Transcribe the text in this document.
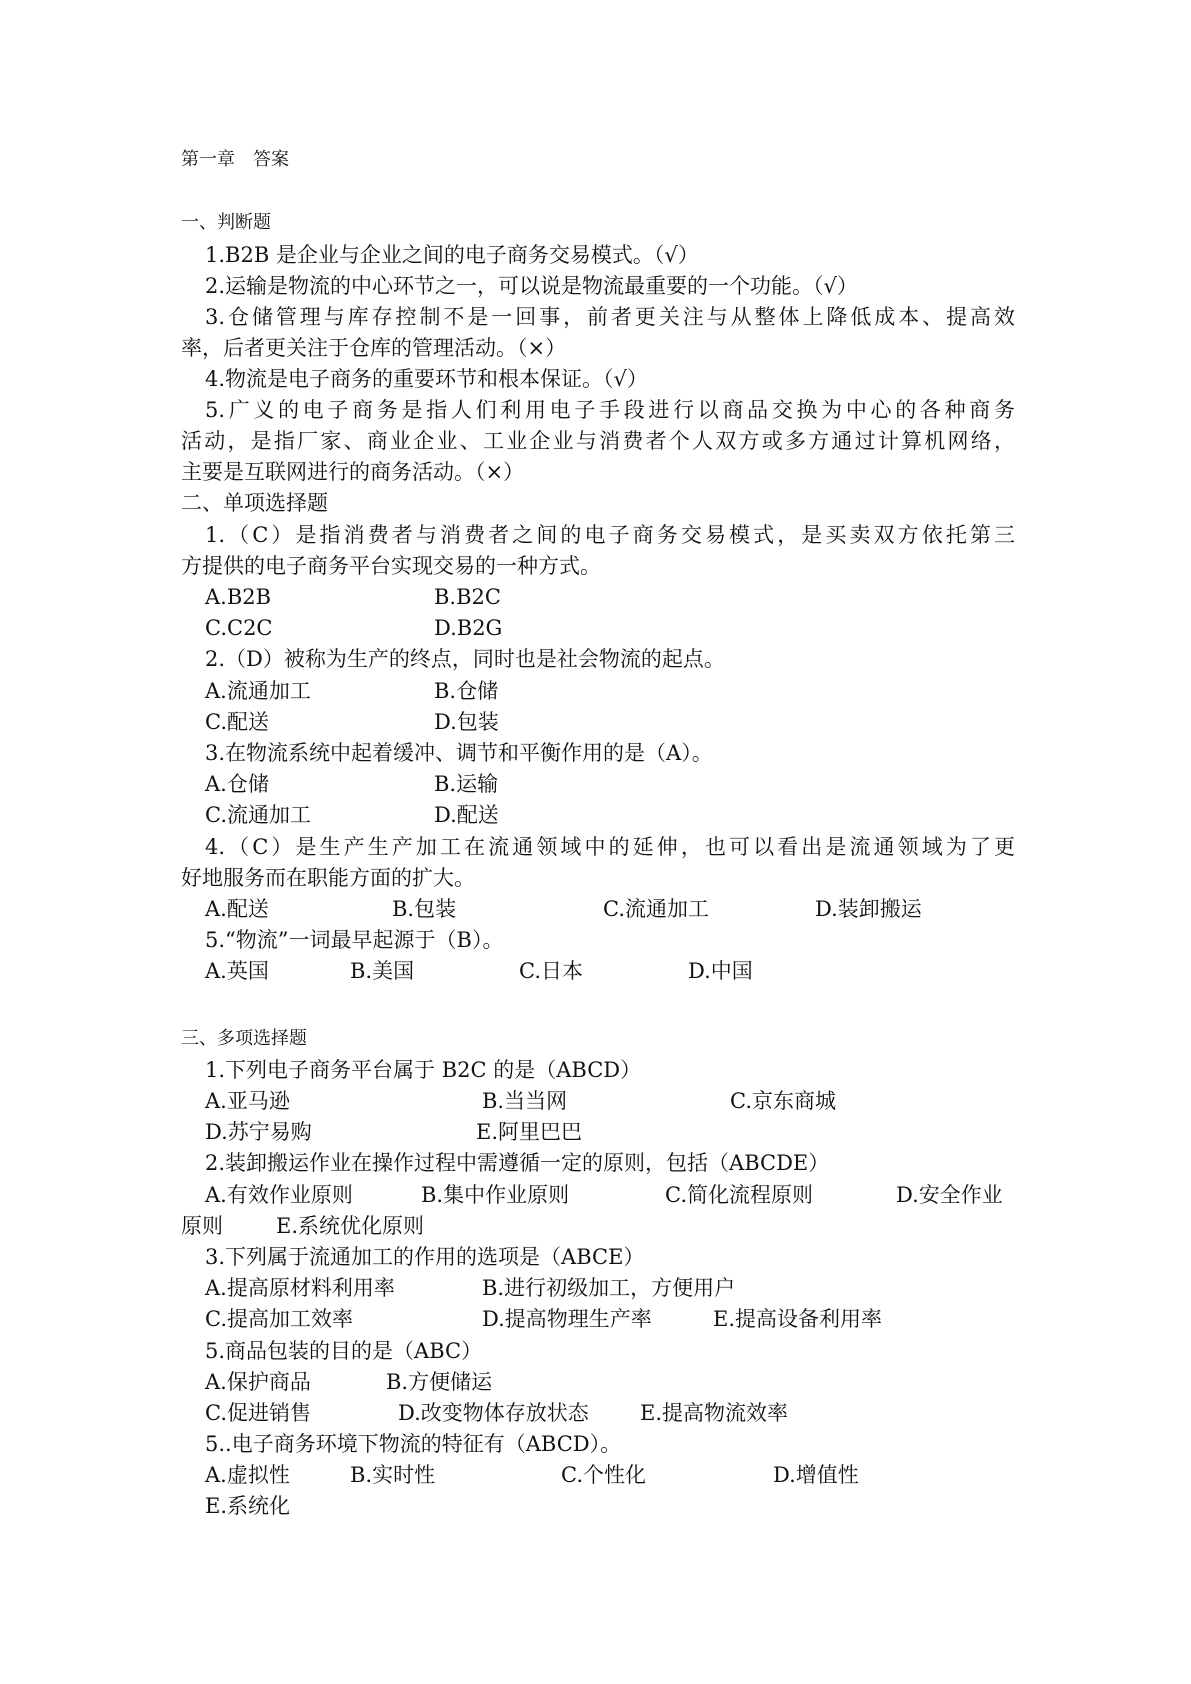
第一章　答案
一、判断题
1.B2B 是企业与企业之间的电子商务交易模式。（√）
2.运输是物流的中心环节之一，可以说是物流最重要的一个功能。（√）
3.仓储管理与库存控制不是一回事，前者更关注与从整体上降低成本、提高效
率，后者更关注于仓库的管理活动。（×）
4.物流是电子商务的重要环节和根本保证。（√）
5.广义的电子商务是指人们利用电子手段进行以商品交换为中心的各种商务
活动，是指厂家、商业企业、工业企业与消费者个人双方或多方通过计算机网络，
主要是互联网进行的商务活动。（×）
二、单项选择题
1.（C）是指消费者与消费者之间的电子商务交易模式，是买卖双方依托第三
方提供的电子商务平台实现交易的一种方式。
A.B2B	B.B2C
C.C2C	D.B2G
2.（D）被称为生产的终点，同时也是社会物流的起点。
A.流通加工	B.仓储
C.配送	D.包装
3.在物流系统中起着缓冲、调节和平衡作用的是（A）。
A.仓储	B.运输
C.流通加工	D.配送
4.（C）是生产生产加工在流通领域中的延伸，也可以看出是流通领域为了更
好地服务而在职能方面的扩大。
A.配送	B.包装	C.流通加工	D.装卸搬运
5.“物流”一词最早起源于（B）。
A.英国	B.美国	C.日本	D.中国
三、多项选择题
1.下列电子商务平台属于 B2C 的是（ABCD）
A.亚马逊	B.当当网	C.京东商城
D.苏宁易购	E.阿里巴巴
2.装卸搬运作业在操作过程中需遵循一定的原则，包括（ABCDE）
A.有效作业原则	B.集中作业原则	C.简化流程原则	D.安全作业
原则	E.系统优化原则
3.下列属于流通加工的作用的选项是（ABCE）
A.提高原材料利用率	B.进行初级加工，方便用户
C.提高加工效率	D.提高物理生产率	E.提高设备利用率
5.商品包装的目的是（ABC）
A.保护商品	B.方便储运
C.促进销售	D.改变物体存放状态 E.提高物流效率
5..电子商务环境下物流的特征有（ABCD）。
A.虚拟性	B.实时性	C.个性化	D.增值性
E.系统化
